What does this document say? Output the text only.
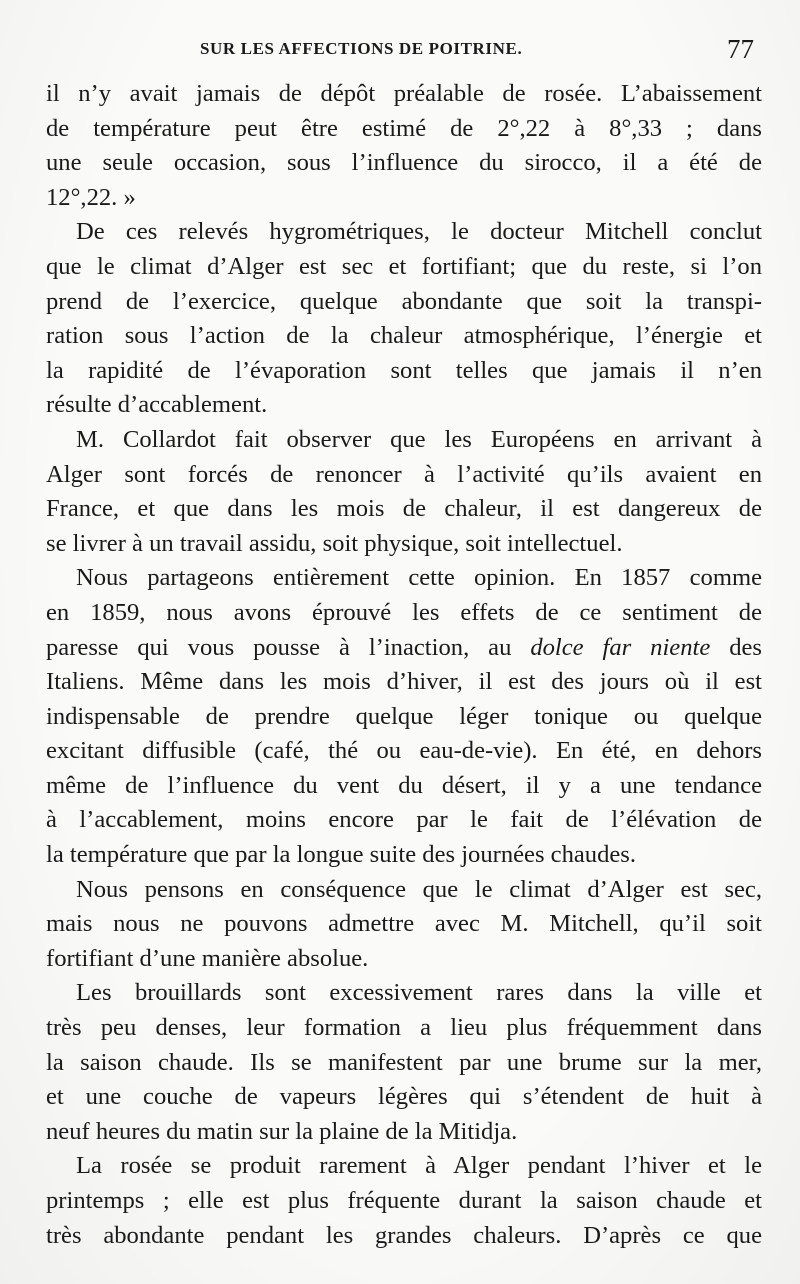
SUR LES AFFECTIONS DE POITRINE.	77
il n’y avait jamais de dépôt préalable de rosée. L’abaissement
de température peut être estimé de 2°,22 à 8°,33 ; dans
une seule occasion, sous l’influence du sirocco, il a été de
12°,22. »
De ces relevés hygrométriques, le docteur Mitchell conclut
que le climat d’Alger est sec et fortifiant; que du reste, si l’on
prend de l’exercice, quelque abondante que soit la transpi-
ration sous l’action de la chaleur atmosphérique, l’énergie et
la rapidité de l’évaporation sont telles que jamais il n’en
résulte d’accablement.
M. Collardot fait observer que les Européens en arrivant à
Alger sont forcés de renoncer à l’activité qu’ils avaient en
France, et que dans les mois de chaleur, il est dangereux de
se livrer à un travail assidu, soit physique, soit intellectuel.
Nous partageons entièrement cette opinion. En 1857 comme
en 1859, nous avons éprouvé les effets de ce sentiment de
paresse qui vous pousse à l’inaction, au dolce far niente des
Italiens. Même dans les mois d’hiver, il est des jours où il est
indispensable de prendre quelque léger tonique ou quelque
excitant diffusible (café, thé ou eau-de-vie). En été, en dehors
même de l’influence du vent du désert, il y a une tendance
à l’accablement, moins encore par le fait de l’élévation de
la température que par la longue suite des journées chaudes.
Nous pensons en conséquence que le climat d’Alger est sec,
mais nous ne pouvons admettre avec M. Mitchell, qu’il soit
fortifiant d’une manière absolue.
Les brouillards sont excessivement rares dans la ville et
très peu denses, leur formation a lieu plus fréquemment dans
la saison chaude. Ils se manifestent par une brume sur la mer,
et une couche de vapeurs légères qui s’étendent de huit à
neuf heures du matin sur la plaine de la Mitidja.
La rosée se produit rarement à Alger pendant l’hiver et le
printemps ; elle est plus fréquente durant la saison chaude et
très abondante pendant les grandes chaleurs. D’après ce que
